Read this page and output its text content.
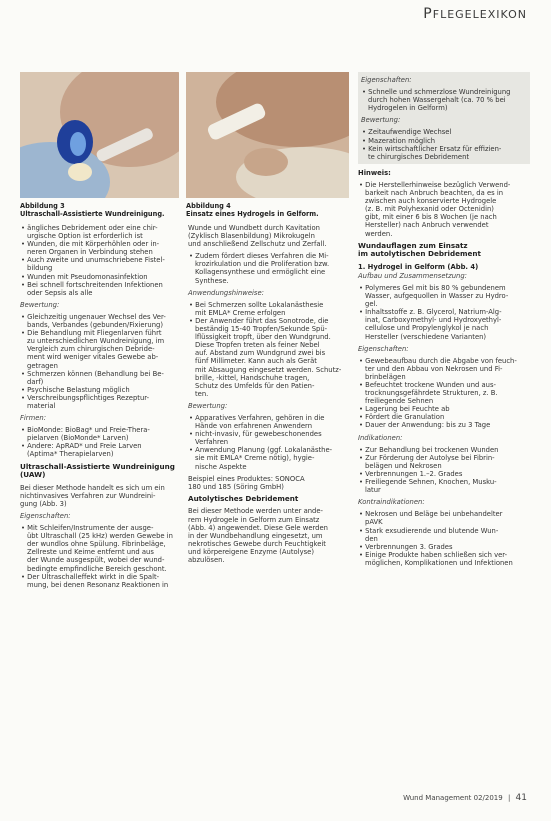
PFLEGELEXIKON
Abbildung 3
Ultraschall-Assistierte Wundreinigung.
Abbildung 4
Einsatz eines Hydrogels in Gelform.
• ängliches Debridement oder eine chir-
urgische Option ist erforderlich ist
• Wunden, die mit Körperhöhlen oder in-
neren Organen in Verbindung stehen
• Auch zweite und unumschriebene Fistel-
bildung
• Wunden mit Pseudomonasinfektion
• Bei schnell fortschreitenden Infektionen
oder Sepsis als alle

Bewertung:

• Gleichzeitig ungenauer Wechsel des Ver-
bands, Verbandes (gebunden/Fixierung)
• Die Behandlung mit Fliegenlarven führt
zu unterschiedlichen Wundreinigung, im
Vergleich zum chirurgischen Debride-
ment wird weniger vitales Gewebe ab-
getragen
• Schmerzen können (Behandlung bei Be-
darf)
• Psychische Belastung möglich
• Verschreibungspflichtiges Rezeptur-
material

Firmen:

• BioMonde: BioBag* und Freie-Thera-
pielarven (BioMonde* Larven)
• Andere: ApRAD* und Freie Larven
(Aptima* Therapielarven)

Ultraschall-Assistierte Wundreinigung
(UAW)

Bei dieser Methode handelt es sich um ein
nichtinvasives Verfahren zur Wundreini-
gung (Abb. 3)

Eigenschaften:

• Mit Schleifen/Instrumente der ausge-
übt Ultraschall (25 kHz) werden Gewebe in
der wundlos ohne Spülung. Fibrinbeläge,
Zellreste und Keime entfernt und aus
der Wunde ausgespült, wobei der wund-
bedingte empfindliche Bereich geschont.
• Der Ultraschalleffekt wirkt in die Spalt-
mung, bei denen Resonanz Reaktionen in

Wunde und Wundbett durch Kavitation
(Zyklisch Blasenbildung) Mikrokugeln
und anschließend Zellschutz und Zerfall.

• Zudem fördert dieses Verfahren die Mi-
krozirkulation und die Proliferation bzw.
Kollagensynthese und ermöglicht eine
Synthese.

Anwendungshinweise:

• Bei Schmerzen sollte Lokalanästhesie
mit EMLA* Creme erfolgen
• Der Anwender führt das Sonotrode, die
beständig 15-40 Tropfen/Sekunde Spü-
lflüssigkeit tropft, über den Wundgrund.
Diese Tropfen treten als feiner Nebel
auf. Abstand zum Wundgrund zwei bis
fünf Millimeter. Kann auch als Gerät
mit Absaugung eingesetzt werden. Schutz-
brille, -kittel, Handschuhe tragen,
Schutz des Umfelds für den Patien-
ten.

Bewertung:

• Apparatives Verfahren, gehören in die
Hände von erfahrenen Anwendern
• nicht-invasiv, für gewebeschonendes
Verfahren
• Anwendung Planung (ggf. Lokalanästhe-
sie mit EMLA* Creme nötig), hygie-
nische Aspekte

Beispiel eines Produktes: SONOCA
180 und 185 (Söring GmbH)

Autolytisches Debridement

Bei dieser Methode werden unter ande-
rem Hydrogele in Gelform zum Einsatz
(Abb. 4) angewendet. Diese Gele werden
in der Wundbehandlung eingesetzt, um
nekrotisches Gewebe durch Feuchtigkeit
und körpereigene Enzyme (Autolyse)
abzulösen.

Eigenschaften:

• Schnelle und schmerzlose Wundreinigung
durch hohen Wassergehalt (ca. 70 % bei
Hydrogelen in Gelform)

Bewertung:

• Zeitaufwendige Wechsel
• Mazeration möglich
• Kein wirtschaftlicher Ersatz für effizien-
te chirurgisches Debridement

Hinweis:

• Die Herstellerhinweise bezüglich Verwend-
barkeit nach Anbruch beachten, da es in
zwischen auch konservierte Hydrogele
(z. B. mit Polyhexanid oder Octenidin)
gibt, mit einer 6 bis 8 Wochen (je nach
Hersteller) nach Anbruch verwendet
werden.

Wundauflagen zum Einsatz
im autolytischen Debridement

1. Hydrogel in Gelform (Abb. 4)

Aufbau und Zusammensetzung:

• Polymeres Gel mit bis 80 % gebundenem
Wasser, aufgequollen in Wasser zu Hydro-
gel.
• Inhaltsstoffe z. B. Glycerol, Natrium-Alg-
inat, Carboxymethyl- und Hydroxyethyl-
cellulose und Propylenglykol je nach
Hersteller (verschiedene Varianten)

Eigenschaften:

• Gewebeaufbau durch die Abgabe von feuch-
ter und den Abbau von Nekrosen und Fi-
brinbelägen
• Befeuchtet trockene Wunden und aus-
trocknungsgefährdete Strukturen, z. B.
freiliegende Sehnen
• Lagerung bei Feuchte ab
• Fördert die Granulation
• Dauer der Anwendung: bis zu 3 Tage

Indikationen:

• Zur Behandlung bei trockenen Wunden
• Zur Förderung der Autolyse bei Fibrin-
belägen und Nekrosen
• Verbrennungen 1.–2. Grades
• Freiliegende Sehnen, Knochen, Musku-
latur

Kontraindikationen:

• Nekrosen und Beläge bei unbehandelter
pAVK
• Stark exsudierende und blutende Wun-
den
• Verbrennungen 3. Grades
• Einige Produkte haben schließen sich ver-
möglichen, Komplikationen und Infektionen
Wund Management 02/2019 | 41
